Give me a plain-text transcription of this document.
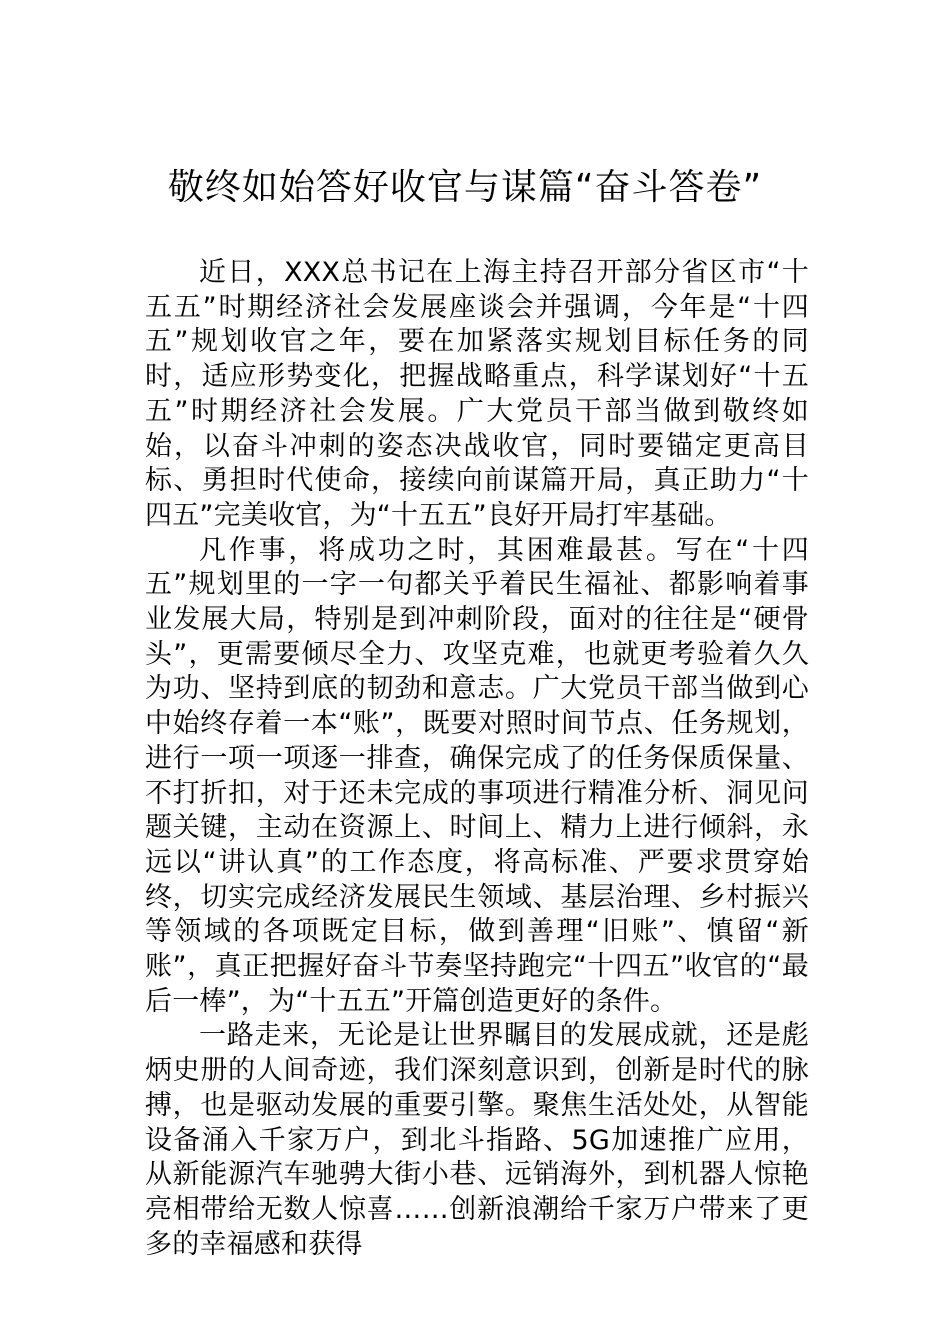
敬终如始答好收官与谋篇“奋斗答卷”

近日，XXX总书记在上海主持召开部分省区市“十五五”时期经济社会发展座谈会并强调，今年是“十四五”规划收官之年，要在加紧落实规划目标任务的同时，适应形势变化，把握战略重点，科学谋划好“十五五”时期经济社会发展。广大党员干部当做到敬终如始，以奋斗冲刺的姿态决战收官，同时要锚定更高目标、勇担时代使命，接续向前谋篇开局，真正助力“十四五”完美收官，为“十五五”良好开局打牢基础。

凡作事，将成功之时，其困难最甚。写在“十四五”规划里的一字一句都关乎着民生福祉、都影响着事业发展大局，特别是到冲刺阶段，面对的往往是“硬骨头”，更需要倾尽全力、攻坚克难，也就更考验着久久为功、坚持到底的韧劲和意志。广大党员干部当做到心中始终存着一本“账”，既要对照时间节点、任务规划，进行一项一项逐一排查，确保完成了的任务保质保量、不打折扣，对于还未完成的事项进行精准分析、洞见问题关键，主动在资源上、时间上、精力上进行倾斜，永远以“讲认真”的工作态度，将高标准、严要求贯穿始终，切实完成经济发展民生领域、基层治理、乡村振兴等领域的各项既定目标，做到善理“旧账”、慎留“新账”，真正把握好奋斗节奏坚持跑完“十四五”收官的“最后一棒”，为“十五五”开篇创造更好的条件。

一路走来，无论是让世界瞩目的发展成就，还是彪炳史册的人间奇迹，我们深刻意识到，创新是时代的脉搏，也是驱动发展的重要引擎。聚焦生活处处，从智能设备涌入千家万户，到北斗指路、5G加速推广应用，从新能源汽车驰骋大街小巷、远销海外，到机器人惊艳亮相带给无数人惊喜……创新浪潮给千家万户带来了更多的幸福感和获得
